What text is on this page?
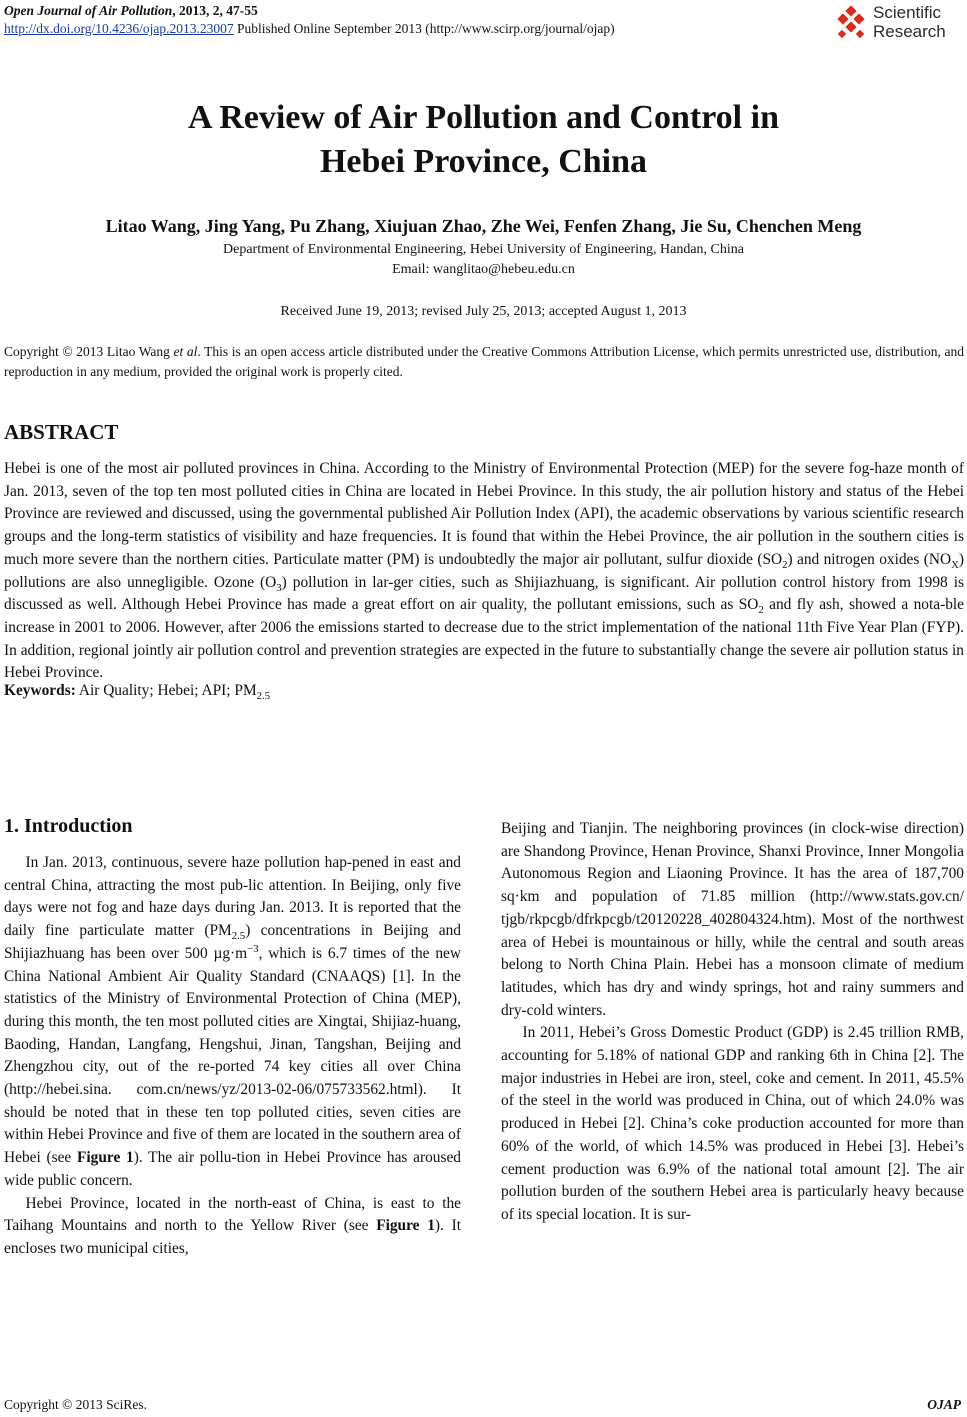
Open Journal of Air Pollution, 2013, 2, 47-55
http://dx.doi.org/10.4236/ojap.2013.23007 Published Online September 2013 (http://www.scirp.org/journal/ojap)
Scientific
Research
A Review of Air Pollution and Control in
Hebei Province, China
Litao Wang, Jing Yang, Pu Zhang, Xiujuan Zhao, Zhe Wei, Fenfen Zhang, Jie Su, Chenchen Meng
Department of Environmental Engineering, Hebei University of Engineering, Handan, China
Email: wanglitao@hebeu.edu.cn
Received June 19, 2013; revised July 25, 2013; accepted August 1, 2013
Copyright © 2013 Litao Wang et al. This is an open access article distributed under the Creative Commons Attribution License, which permits unrestricted use, distribution, and reproduction in any medium, provided the original work is properly cited.
ABSTRACT
Hebei is one of the most air polluted provinces in China. According to the Ministry of Environmental Protection (MEP) for the severe fog-haze month of Jan. 2013, seven of the top ten most polluted cities in China are located in Hebei Province. In this study, the air pollution history and status of the Hebei Province are reviewed and discussed, using the governmental published Air Pollution Index (API), the academic observations by various scientific research groups and the long-term statistics of visibility and haze frequencies. It is found that within the Hebei Province, the air pollution in the southern cities is much more severe than the northern cities. Particulate matter (PM) is undoubtedly the major air pollutant, sulfur dioxide $(SO_2)$ and nitrogen oxides $(NO_X)$ pollutions are also unnegligible. Ozone $(O_3)$ pollution in lar-ger cities, such as Shijiazhuang, is significant. Air pollution control history from 1998 is discussed as well. Although Hebei Province has made a great effort on air quality, the pollutant emissions, such as $SO_2$ and fly ash, showed a nota-ble increase in 2001 to 2006. However, after 2006 the emissions started to decrease due to the strict implementation of the national 11th Five Year Plan (FYP). In addition, regional jointly air pollution control and prevention strategies are expected in the future to substantially change the severe air pollution status in Hebei Province.
Keywords: Air Quality; Hebei; API; $PM_{2.5}$
1. Introduction

In Jan. 2013, continuous, severe haze pollution hap-pened in east and central China, attracting the most pub-lic attention. In Beijing, only five days were not fog and haze days during Jan. 2013. It is reported that the daily fine particulate matter $(PM_{2.5})$ concentrations in Beijing and Shijiazhuang has been over 500 $\mu g\cdot m^{-3}$, which is 6.7 times of the new China National Ambient Air Quality Standard (CNAAQS) [1]. In the statistics of the Ministry of Environmental Protection of China (MEP), during this month, the ten most polluted cities are Xingtai, Shijiaz-huang, Baoding, Handan, Langfang, Hengshui, Jinan, Tangshan, Beijing and Zhengzhou city, out of the re-ported 74 key cities all over China (http://hebei.sina. com.cn/news/yz/2013-02-06/075733562.html). It should be noted that in these ten top polluted cities, seven cities are within Hebei Province and five of them are located in the southern area of Hebei (see Figure 1). The air pollu-tion in Hebei Province has aroused wide public concern.

Hebei Province, located in the north-east of China, is east to the Taihang Mountains and north to the Yellow River (see Figure 1). It encloses two municipal cities,

Beijing and Tianjin. The neighboring provinces (in clock-wise direction) are Shandong Province, Henan Province, Shanxi Province, Inner Mongolia Autonomous Region and Liaoning Province. It has the area of 187,700 sq·km and population of 71.85 million (http://www.stats.gov.cn/ tjgb/rkpcgb/dfrkpcgb/t20120228_402804324.htm). Most of the northwest area of Hebei is mountainous or hilly, while the central and south areas belong to North China Plain. Hebei has a monsoon climate of medium latitudes, which has dry and windy springs, hot and rainy summers and dry-cold winters.

In 2011, Hebei’s Gross Domestic Product (GDP) is 2.45 trillion RMB, accounting for 5.18% of national GDP and ranking 6th in China [2]. The major industries in Hebei are iron, steel, coke and cement. In 2011, 45.5% of the steel in the world was produced in China, out of which 24.0% was produced in Hebei [2]. China’s coke production accounted for more than 60% of the world, of which 14.5% was produced in Hebei [3]. Hebei’s cement production was 6.9% of the national total amount [2]. The air pollution burden of the southern Hebei area is particularly heavy because of its special location. It is sur-

Copyright © 2013 SciRes.	OJAP
